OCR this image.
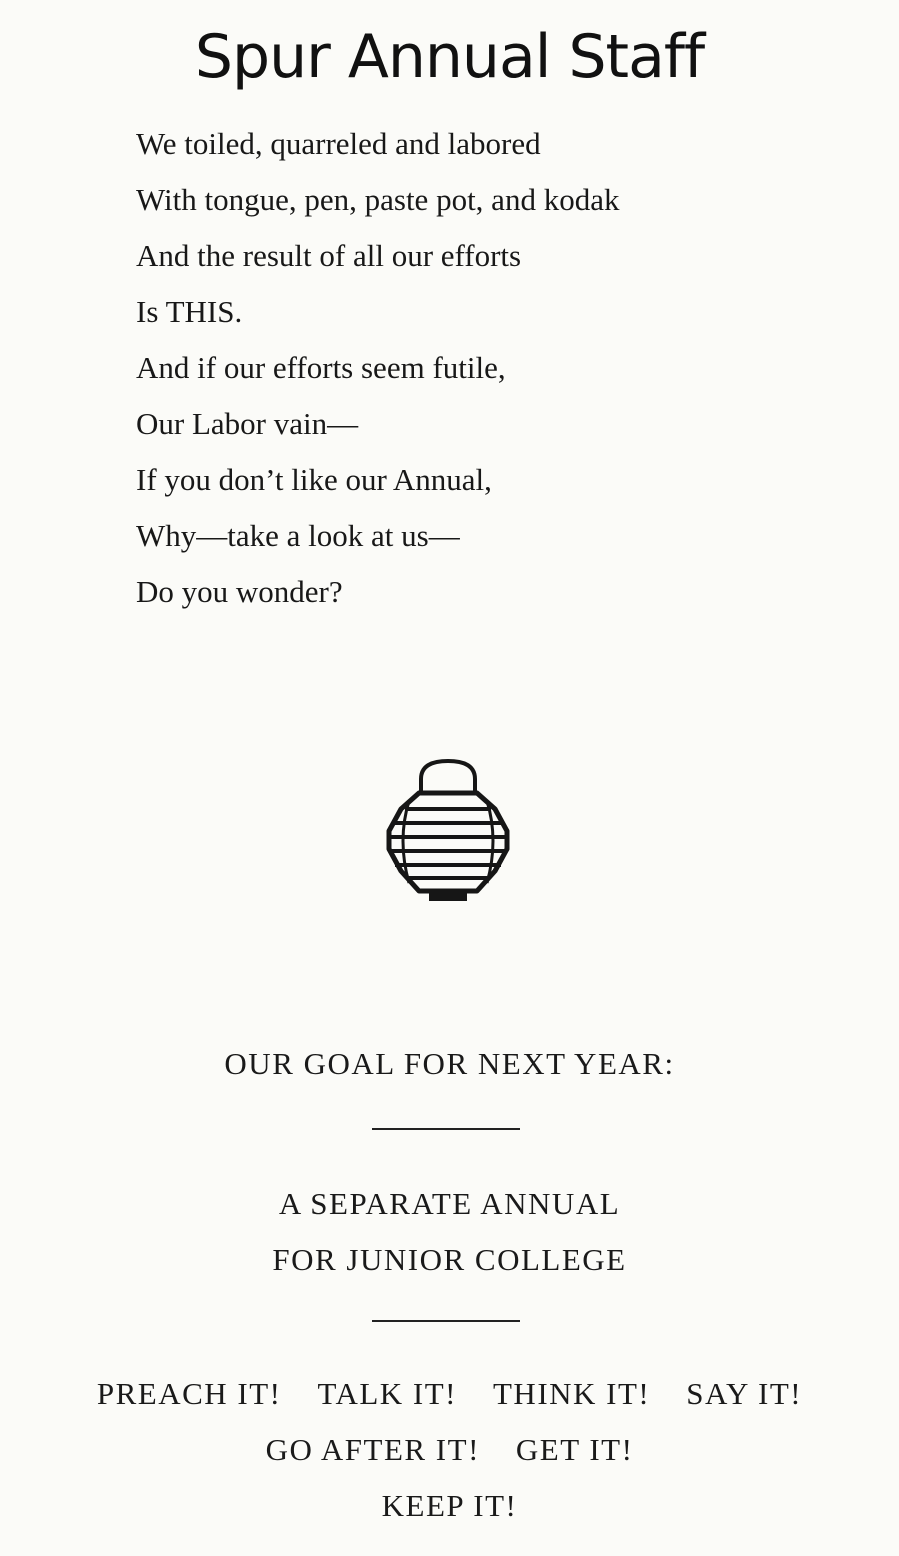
Spur Annual Staff
We toiled, quarreled and labored
With tongue, pen, paste pot, and kodak
And the result of all our efforts
Is THIS.
And if our efforts seem futile,
Our Labor vain—
If you don’t like our Annual,
Why—take a look at us—
Do you wonder?
OUR GOAL FOR NEXT YEAR:
A SEPARATE ANNUAL
FOR JUNIOR COLLEGE
PREACH IT! TALK IT! THINK IT! SAY IT!
GO AFTER IT! GET IT!
KEEP IT!
